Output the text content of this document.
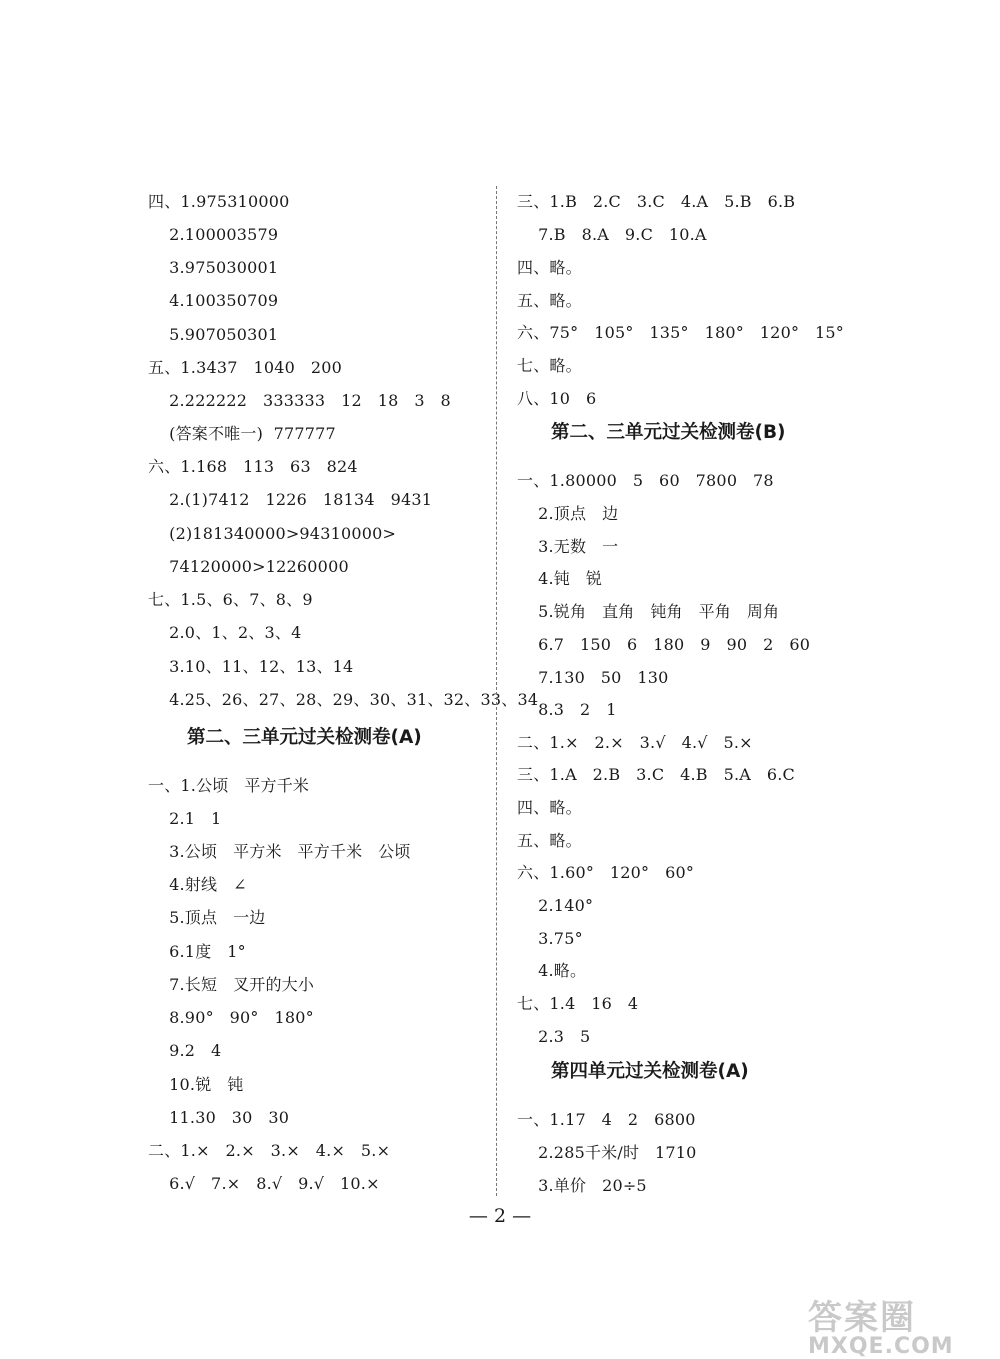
四、1.975310000
2.100003579
3.975030001
4.100350709
5.907050301
五、1.3437   1040   200
2.222222   333333   12   18   3   8
(答案不唯一)  777777
六、1.168   113   63   824
2.(1)7412   1226   18134   9431
(2)181340000>94310000>
74120000>12260000
七、1.5、6、7、8、9
2.0、1、2、3、4
3.10、11、12、13、14
4.25、26、27、28、29、30、31、32、33、34
第二、三单元过关检测卷(A)
一、1.公顷   平方千米
2.1   1
3.公顷   平方米   平方千米   公顷
4.射线   ∠
5.顶点   一边
6.1度   1°
7.长短   叉开的大小
8.90°   90°   180°
9.2   4
10.锐   钝
11.30   30   30
二、1.×   2.×   3.×   4.×   5.×
6.√   7.×   8.√   9.√   10.×
三、1.B   2.C   3.C   4.A   5.B   6.B
7.B   8.A   9.C   10.A
四、略。
五、略。
六、75°   105°   135°   180°   120°   15°
七、略。
八、10   6
第二、三单元过关检测卷(B)
一、1.80000   5   60   7800   78
2.顶点   边
3.无数   一
4.钝   锐
5.锐角   直角   钝角   平角   周角
6.7   150   6   180   9   90   2   60
7.130   50   130
8.3   2   1
二、1.×   2.×   3.√   4.√   5.×
三、1.A   2.B   3.C   4.B   5.A   6.C
四、略。
五、略。
六、1.60°   120°   60°
2.140°
3.75°
4.略。
七、1.4   16   4
2.3   5
第四单元过关检测卷(A)
一、1.17   4   2   6800
2.285千米/时   1710
3.单价   20÷5
— 2 —
答案圈
MXQE.COM
